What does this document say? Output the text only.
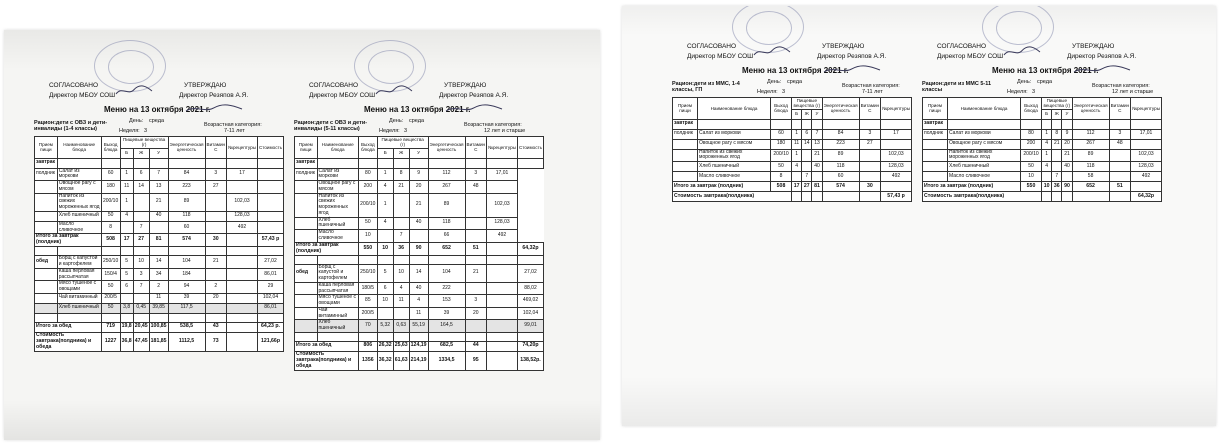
СОГЛАСОВАНО
Директор МБОУ СОШ
УТВЕРЖДАЮ
Директор Резяпов А.Я.
Меню на 13 октября 2021 г.
Рацион:дети с ОВЗ и дети-инвалиды (1-4 классы)
День: среда
Неделя: 3
Возрастная категория:
7-11 лет
Прием пищи	Наименование блюда	Выход блюда	Пищевые вещества (г)			Энергетическая ценность	Витамин С	№рецептуры	Стоимость
			Б	Ж	У				
завтрак									
полдник	Салат из моркови	60	1	6	7	84	3	17	
	Овощное рагу с мясом	180	11	14	13	223	27		
	Напиток из свежих мороженных ягод	200/10	1		21	89		102,03	
	Хлеб пшеничный	50	4		40	118		128,03	
	Масло сливочное	8		7		60		492	
Итого за завтрак (полдник)		508	17	27	81	574	30		57,43 р

обед	Борщ с капустой и картофелем	250/10	5	10	14	104	21		27,02
	Каша перловая рассыпчатая	150/4	5	3	34	184			86,01
	Мясо тушеное с овощами	50	6	7	2	94	2		29
	Чай витаминный	200/5			11	39	20		102,04
	Хлеб пшеничный	50	3,8	0,45	39,85	117,5			86,01

Итого за обед		719	19,8	20,45	100,85	538,5	43		64,23 р.
Стоимость завтрака(полдника) и обеда		1227	36,8	47,45	181,85	1112,5	73		121,66р
СОГЛАСОВАНО
Директор МБОУ СОШ
УТВЕРЖДАЮ
Директор Резяпов А.Я.
Меню на 13 октября 2021 г.
Рацион:дети с ОВЗ и дети-инвалиды (5-11 классы)
День: среда
Неделя: 3
Возрастная категория:
12 лет и старше
Прием пищи	Наименование блюда	Выход блюда	Пищевые вещества (г)			Энергетическая ценность	Витамин С	№рецептуры	Стоимость
			Б	Ж	У				
завтрак									
полдник	Салат из моркови	80	1	8	9	112	3	17,01	
	Овощное рагу с мясом	200	4	21	20	267	48		
	Напиток из свежих мороженных ягод	200/10	1		21	89		102,03	
	Хлеб пшеничный	50	4		40	118		128,03	
	Масло сливочное	10		7		66		492	
Итого за завтрак (полдник)		550	10	36	90	652	51		64,32р

обед	Борщ с капустой и картофелем	250/10	5	10	14	104	21		27,02
	Каша перловая рассыпчатая	180/5	6	4	40	222			88,02
	Мясо тушеное с овощами	85	10	11	4	153	3		469,02
	Чай витаминный	200/5			11	39	20		102,04
	Хлеб пшеничный	70	5,32	0,63	55,19	164,5			99,01

Итого за обед		806	26,32	25,63	124,19	682,5	44		74,20р
Стоимость завтрака(полдника) и обеда		1356	36,32	61,63	214,19	1334,5	95		138,52р.
СОГЛАСОВАНО
Директор МБОУ СОШ
УТВЕРЖДАЮ
Директор Резяпов А.Я.
Меню на 13 октября 2021 г.
Рацион:дети из ММС, 1-4 классы, ГП
День: среда
Неделя: 3
Возрастная категория:
7-11 лет
Прием пищи	Наименование блюда	Выход блюда	Пищевые вещества (г)			Энергетическая ценность	Витамин С	№рецептуры
			Б	Ж	У			
завтрак								
полдник	Салат из моркови	60	1	6	7	84	3	17
	Овощное рагу с мясом	180	11	14	13	223	27	
	Напиток из свежих мороженных ягод	200/10	1		21	89		102,03
	Хлеб пшеничный	50	4		40	118		128,03
	Масло сливочное	8		7		60		492
Итого за завтрак (полдник)		508	17	27	81	574	30	
Стоимость завтрака(полдника)								57,43 р
СОГЛАСОВАНО
Директор МБОУ СОШ
УТВЕРЖДАЮ
Директор Резяпов А.Я.
Меню на 13 октября 2021 г.
Рацион:дети из ММС 5-11 классы
День: среда
Неделя: 3
Возрастная категория:
12 лет и старше
Прием пищи	Наименование блюда	Выход блюда	Пищевые вещества (г)			Энергетическая ценность	Витамин С	№рецептуры
			Б	Ж	У			
завтрак								
полдник	Салат из моркови	80	1	8	9	112	3	17,01
	Овощное рагу с мясом	200	4	21	20	267	48	
	Напиток из свежих мороженных ягод	200/10	1		21	89		102,03
	Хлеб пшеничный	50	4		40	118		128,03
	Масло сливочное	10		7		58		492
Итого за завтрак (полдник)		550	10	36	90	652	51	
Стоимость завтрака(полдника)								64,32р
